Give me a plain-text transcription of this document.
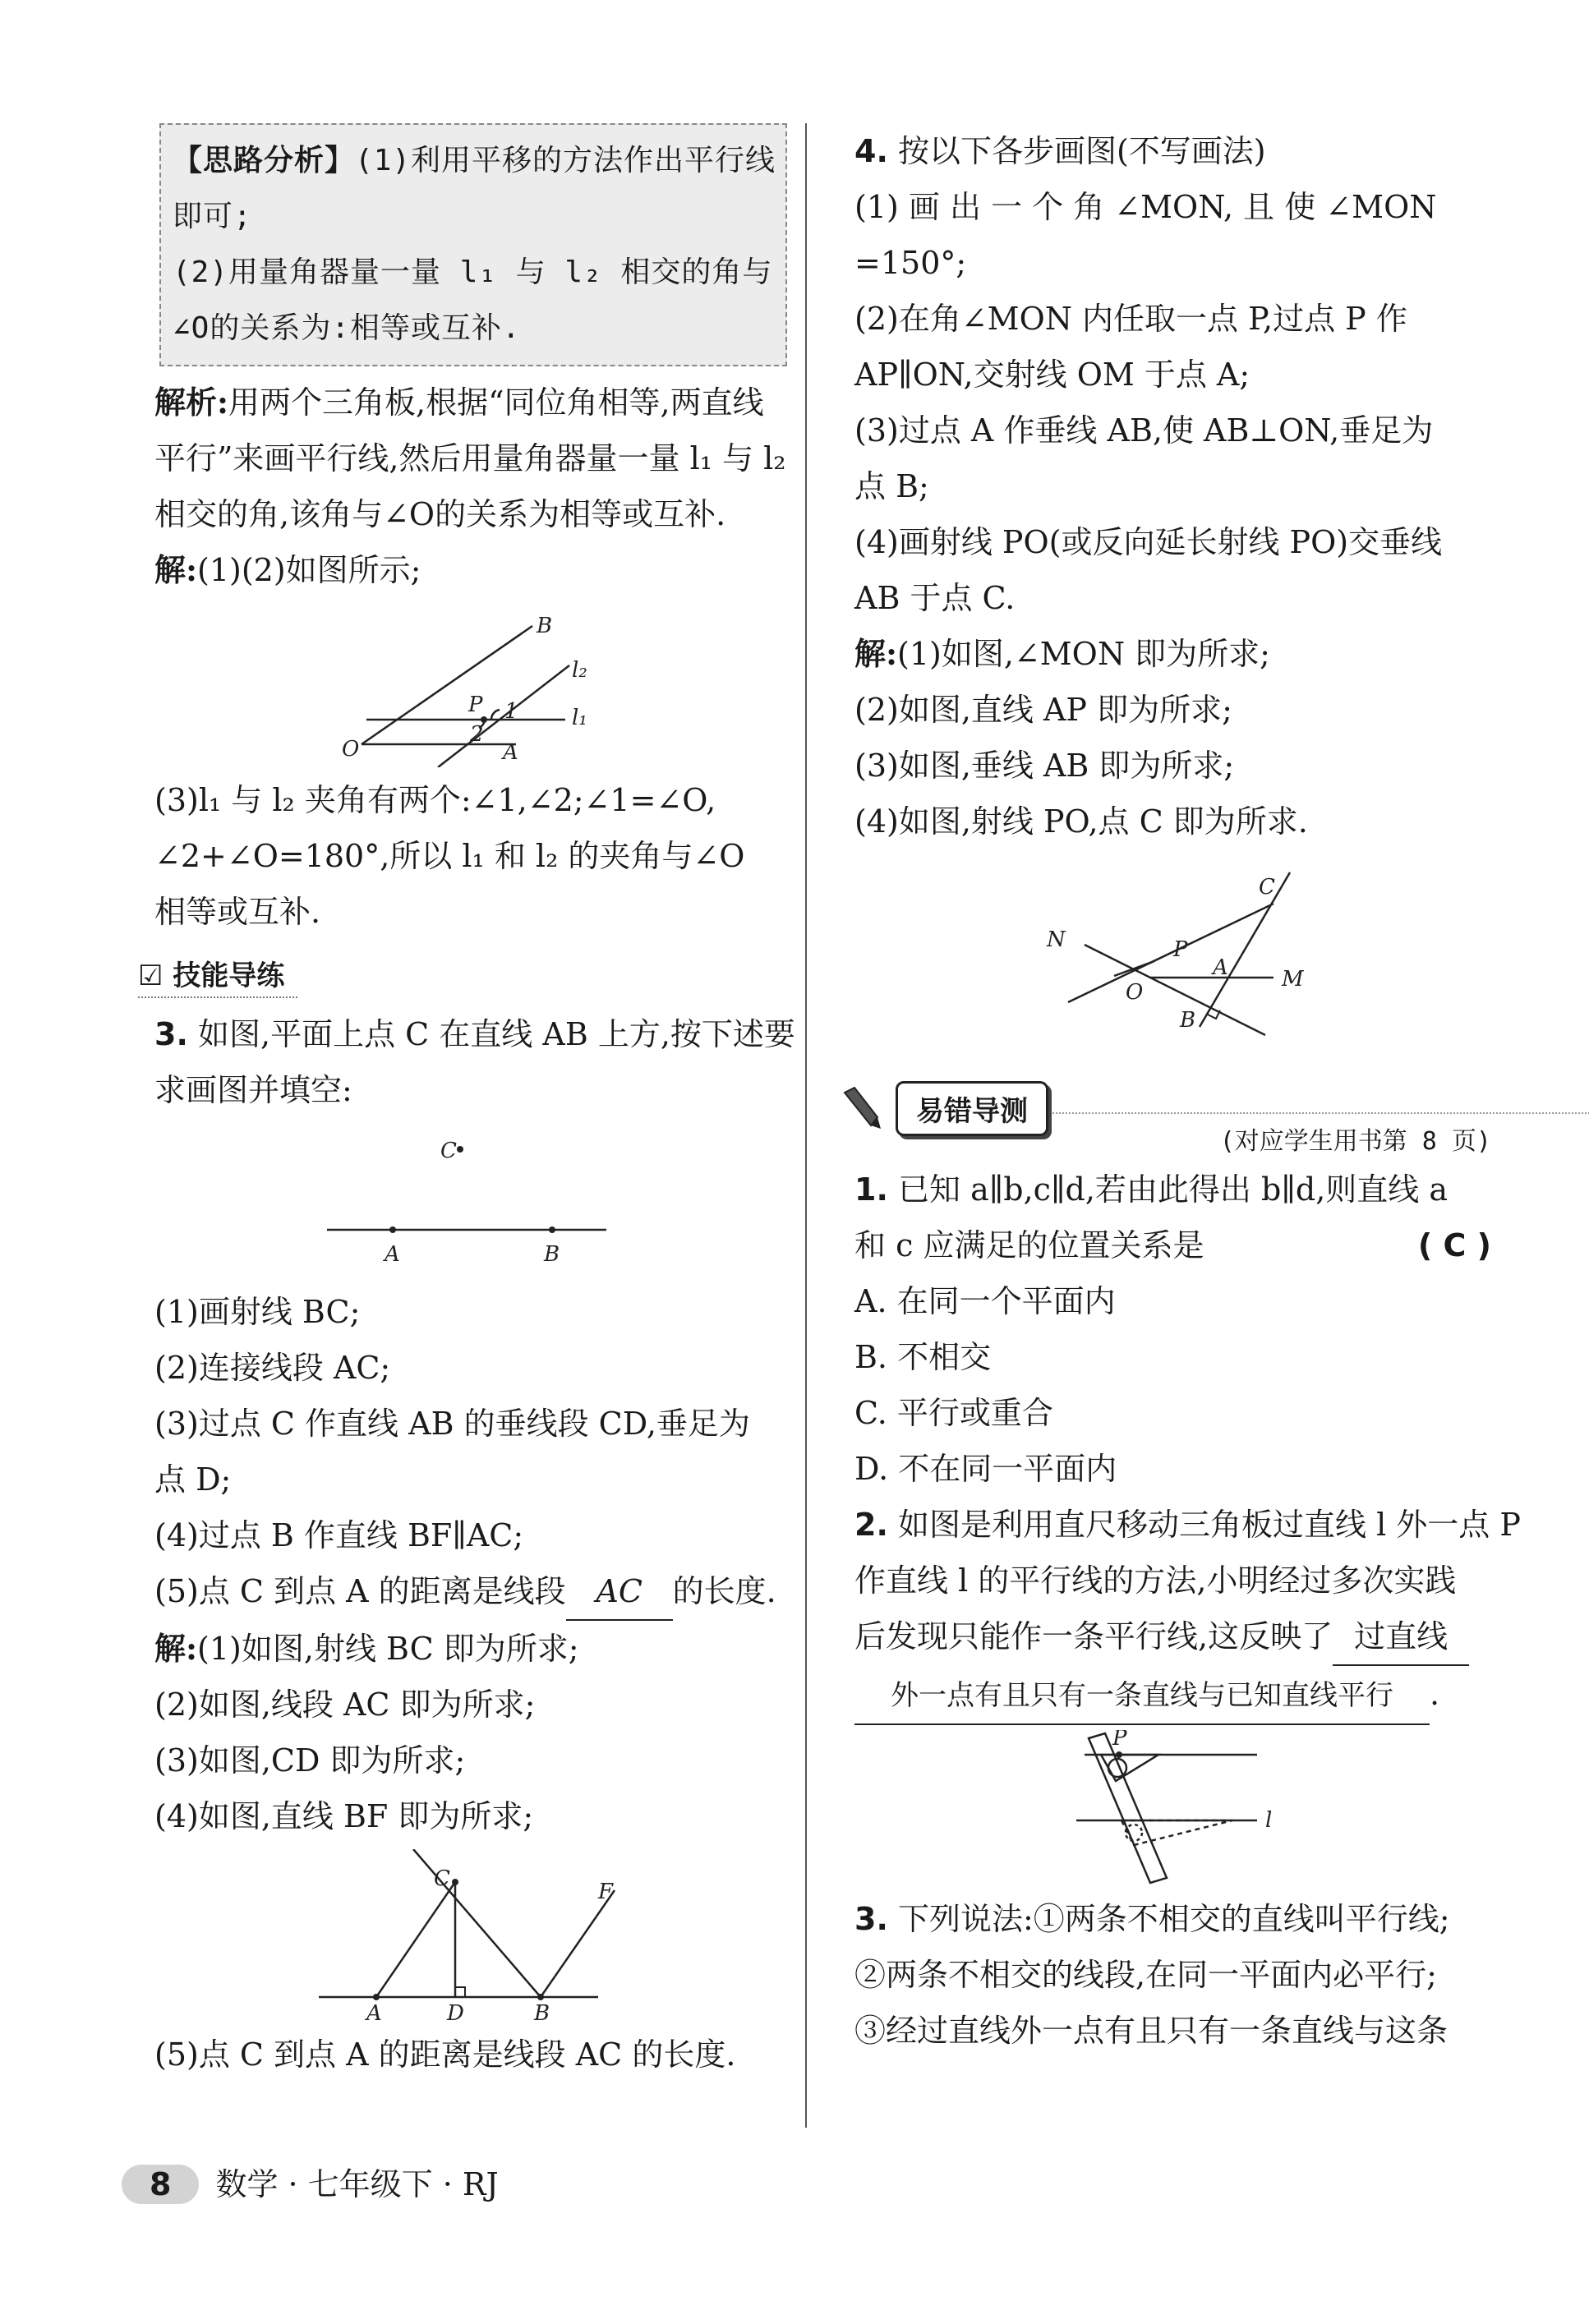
【思路分析】(1)利用平移的方法作出平行线

即可;

(2)用量角器量一量 l₁ 与 l₂ 相交的角与

∠O的关系为:相等或互补.

解析:用两个三角板,根据“同位角相等,两直线

平行”来画平行线,然后用量角器量一量 l₁ 与 l₂

相交的角,该角与∠O的关系为相等或互补.

解:(1)(2)如图所示;

B
l₂
P 1	l₁
O
2
A

(3)l₁ 与 l₂ 夹角有两个:∠1,∠2;∠1=∠O,

∠2+∠O=180°,所以 l₁ 和 l₂ 的夹角与∠O

相等或互补.

☑ 技能导练

3. 如图,平面上点 C 在直线 AB 上方,按下述要

求画图并填空:

C
A	B

(1)画射线 BC;

(2)连接线段 AC;

(3)过点 C 作直线 AB 的垂线段 CD,垂足为

点 D;

(4)过点 B 作直线 BF∥AC;

(5)点 C 到点 A 的距离是线段 AC 的长度.

解:(1)如图,射线 BC 即为所求;

(2)如图,线段 AC 即为所求;

(3)如图,CD 即为所求;

(4)如图,直线 BF 即为所求;

C
F
A	D	B

(5)点 C 到点 A 的距离是线段 AC 的长度.

4. 按以下各步画图(不写画法)

(1) 画 出 一 个 角 ∠MON, 且 使 ∠MON

=150°;

(2)在角∠MON 内任取一点 P,过点 P 作

AP∥ON,交射线 OM 于点 A;

(3)过点 A 作垂线 AB,使 AB⊥ON,垂足为

点 B;

(4)画射线 PO(或反向延长射线 PO)交垂线

AB 于点 C.

解:(1)如图,∠MON 即为所求;

(2)如图,直线 AP 即为所求;

(3)如图,垂线 AB 即为所求;

(4)如图,射线 PO,点 C 即为所求.

C
N	P
A	M
O
B
易错导测

(对应学生用书第 8 页)

1. 已知 a∥b,c∥d,若由此得出 b∥d,则直线 a

和 c 应满足的位置关系是	( C )

A. 在同一个平面内

B. 不相交

C. 平行或重合

D. 不在同一平面内

2. 如图是利用直尺移动三角板过直线 l 外一点 P

作直线 l 的平行线的方法,小明经过多次实践

后发现只能作一条平行线,这反映了 过直线

外一点有且只有一条直线与已知直线平行 .

P
l

3. 下列说法:①两条不相交的直线叫平行线;

②两条不相交的线段,在同一平面内必平行;

③经过直线外一点有且只有一条直线与这条

8 数学 · 七年级下 · RJ
